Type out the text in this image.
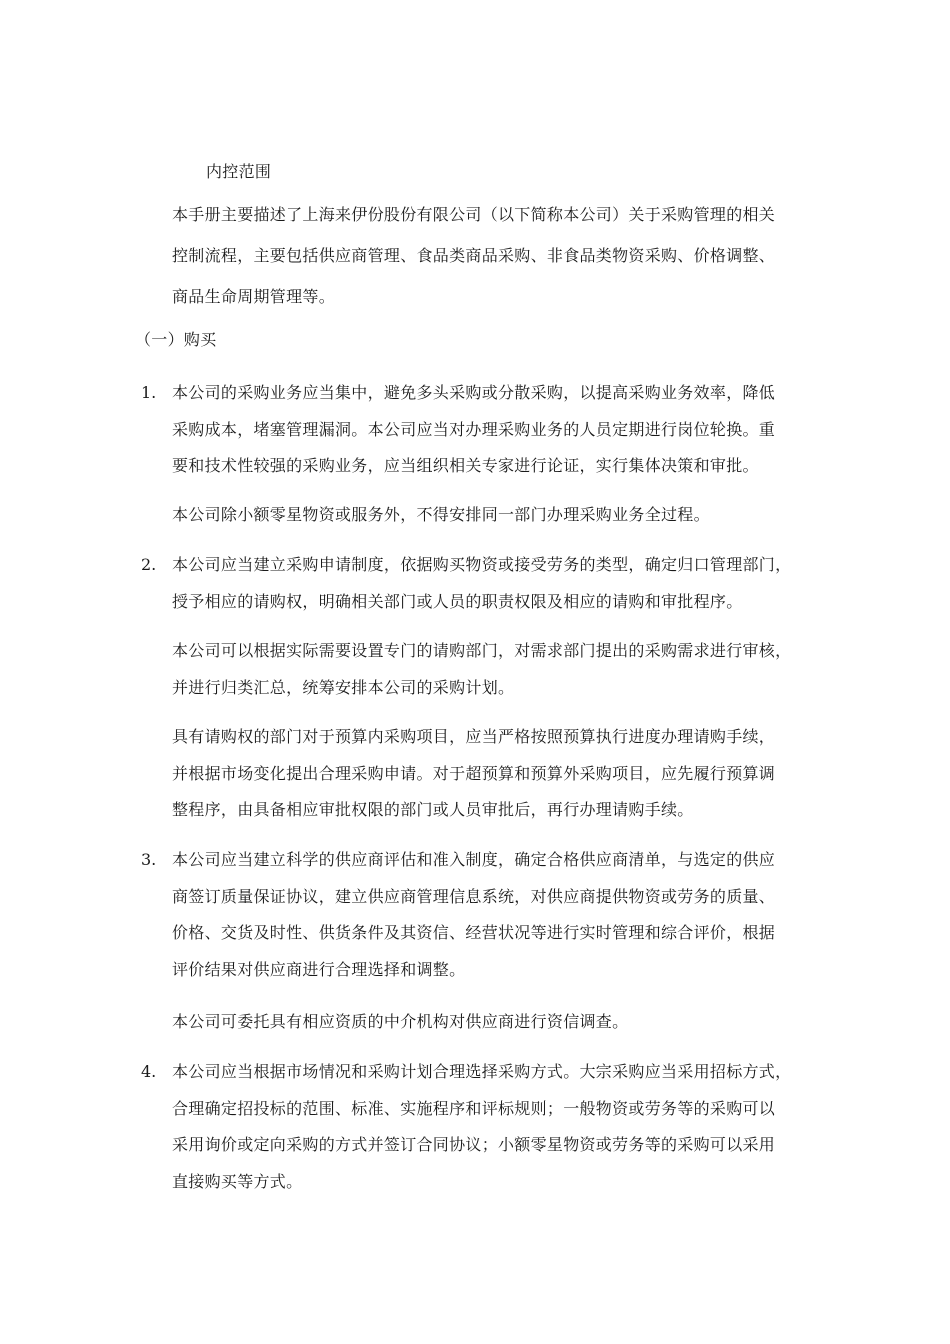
内控范围
本手册主要描述了上海来伊份股份有限公司（以下简称本公司）关于采购管理的相关
控制流程，主要包括供应商管理、食品类商品采购、非食品类物资采购、价格调整、
商品生命周期管理等。
（一）购买
1. 本公司的采购业务应当集中，避免多头采购或分散采购，以提高采购业务效率，降低
采购成本，堵塞管理漏洞。本公司应当对办理采购业务的人员定期进行岗位轮换。重
要和技术性较强的采购业务，应当组织相关专家进行论证，实行集体决策和审批。
本公司除小额零星物资或服务外，不得安排同一部门办理采购业务全过程。
2. 本公司应当建立采购申请制度，依据购买物资或接受劳务的类型，确定归口管理部门，
授予相应的请购权，明确相关部门或人员的职责权限及相应的请购和审批程序。
本公司可以根据实际需要设置专门的请购部门，对需求部门提出的采购需求进行审核，
并进行归类汇总，统筹安排本公司的采购计划。
具有请购权的部门对于预算内采购项目，应当严格按照预算执行进度办理请购手续，
并根据市场变化提出合理采购申请。对于超预算和预算外采购项目，应先履行预算调
整程序，由具备相应审批权限的部门或人员审批后，再行办理请购手续。
3. 本公司应当建立科学的供应商评估和准入制度，确定合格供应商清单，与选定的供应
商签订质量保证协议，建立供应商管理信息系统，对供应商提供物资或劳务的质量、
价格、交货及时性、供货条件及其资信、经营状况等进行实时管理和综合评价，根据
评价结果对供应商进行合理选择和调整。
本公司可委托具有相应资质的中介机构对供应商进行资信调查。
4. 本公司应当根据市场情况和采购计划合理选择采购方式。大宗采购应当采用招标方式，
合理确定招投标的范围、标准、实施程序和评标规则；一般物资或劳务等的采购可以
采用询价或定向采购的方式并签订合同协议；小额零星物资或劳务等的采购可以采用
直接购买等方式。
